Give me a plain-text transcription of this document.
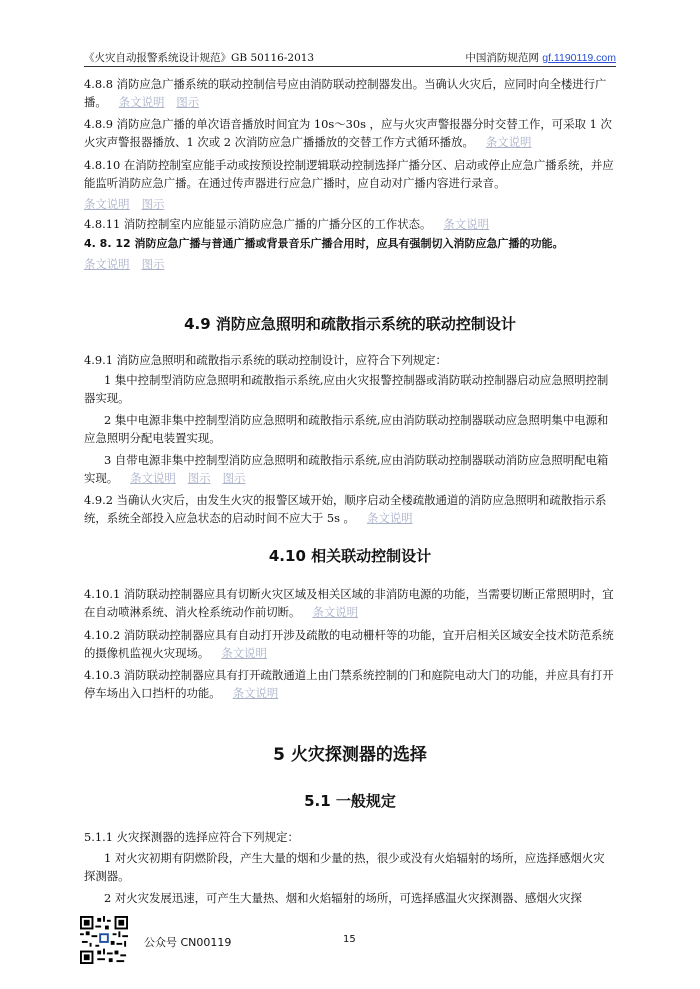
《火灾自动报警系统设计规范》GB 50116-2013	中国消防规范网 gf.1190119.com

4.8.8 消防应急广播系统的联动控制信号应由消防联动控制器发出。当确认火灾后，应同时向全楼进行广播。 条文说明 图示

4.8.9 消防应急广播的单次语音播放时间宜为 10s～30s ，应与火灾声警报器分时交替工作，可采取 1 次火灾声警报器播放、1 次或 2 次消防应急广播播放的交替工作方式循环播放。 条文说明

4.8.10 在消防控制室应能手动或按预设控制逻辑联动控制选择广播分区、启动或停止应急广播系统，并应能监听消防应急广播。在通过传声器进行应急广播时，应自动对广播内容进行录音。

条文说明 图示

4.8.11 消防控制室内应能显示消防应急广播的广播分区的工作状态。 条文说明

4. 8. 12 消防应急广播与普通广播或背景音乐广播合用时，应具有强制切入消防应急广播的功能。

条文说明 图示

4.9 消防应急照明和疏散指示系统的联动控制设计

4.9.1 消防应急照明和疏散指示系统的联动控制设计，应符合下列规定：

1 集中控制型消防应急照明和疏散指示系统,应由火灾报警控制器或消防联动控制器启动应急照明控制器实现。

2 集中电源非集中控制型消防应急照明和疏散指示系统,应由消防联动控制器联动应急照明集中电源和应急照明分配电装置实现。

3 自带电源非集中控制型消防应急照明和疏散指示系统,应由消防联动控制器联动消防应急照明配电箱实现。 条文说明 图示 图示

4.9.2 当确认火灾后，由发生火灾的报警区域开始，顺序启动全楼疏散通道的消防应急照明和疏散指示系统，系统全部投入应急状态的启动时间不应大于 5s 。 条文说明

4.10 相关联动控制设计

4.10.1 消防联动控制器应具有切断火灾区域及相关区域的非消防电源的功能，当需要切断正常照明时，宜在自动喷淋系统、消火栓系统动作前切断。 条文说明

4.10.2 消防联动控制器应具有自动打开涉及疏散的电动栅杆等的功能，宜开启相关区域安全技术防范系统的摄像机监视火灾现场。 条文说明

4.10.3 消防联动控制器应具有打开疏散通道上由门禁系统控制的门和庭院电动大门的功能，并应具有打开停车场出入口挡杆的功能。 条文说明

5 火灾探测器的选择
5.1 一般规定

5.1.1 火灾探测器的选择应符合下列规定：

1 对火灾初期有阴燃阶段，产生大量的烟和少量的热，很少或没有火焰辐射的场所，应选择感烟火灾探测器。

2 对火灾发展迅速，可产生大量热、烟和火焰辐射的场所，可选择感温火灾探测器、感烟火灾探

公众号 CN00119	15
